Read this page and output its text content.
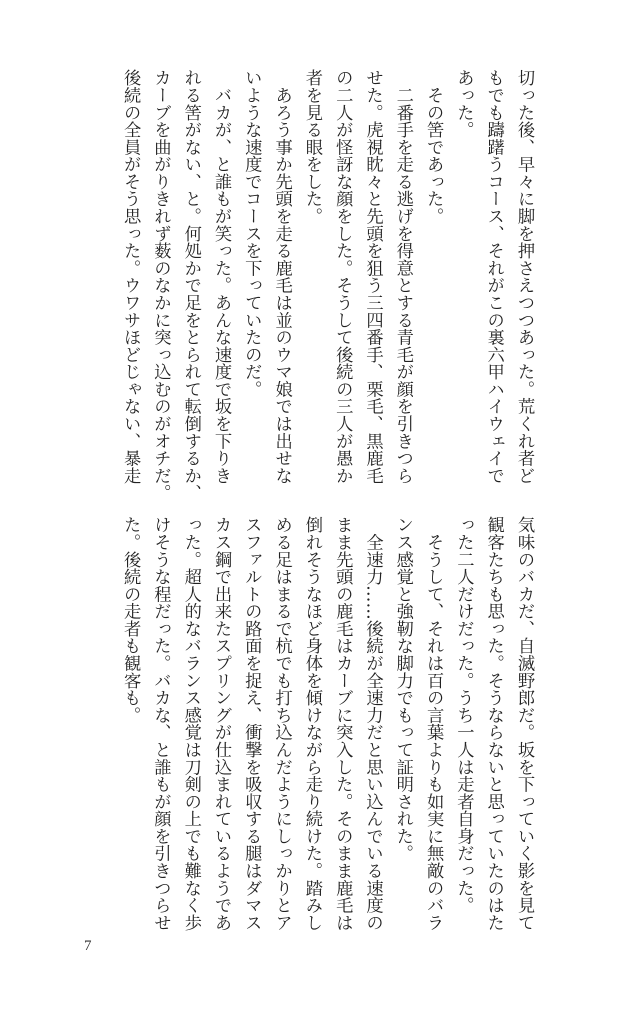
切った後、早々に脚を押さえつつあった。荒くれ者ど
もでも躊躇うコース、それがこの裏六甲ハイウェイで
あった。
　その筈であった。
　二番手を走る逃げを得意とする青毛が顔を引きつら
せた。虎視眈々と先頭を狙う三四番手、栗毛、黒鹿毛
の二人が怪訝な顔をした。そうして後続の三人が愚か
者を見る眼をした。
　あろう事か先頭を走る鹿毛は並のウマ娘では出せな
いような速度でコースを下っていたのだ。
　バカが、と誰もが笑った。あんな速度で坂を下りき
れる筈がない、と。何処かで足をとられて転倒するか、
カーブを曲がりきれず薮のなかに突っ込むのがオチだ。
後続の全員がそう思った。ウワサほどじゃない、暴走
気味のバカだ、自滅野郎だ。坂を下っていく影を見て
観客たちも思った。そうならないと思っていたのはた
った二人だけだった。うち一人は走者自身だった。
　そうして、それは百の言葉よりも如実に無敵のバラ
ンス感覚と強靭な脚力でもって証明された。
　全速力……後続が全速力だと思い込んでいる速度の
まま先頭の鹿毛はカーブに突入した。そのまま鹿毛は
倒れそうなほど身体を傾けながら走り続けた。踏みし
める足はまるで杭でも打ち込んだようにしっかりとア
スファルトの路面を捉え、衝撃を吸収する腿はダマス
カス鋼で出来たスプリングが仕込まれているようであ
った。超人的なバランス感覚は刀剣の上でも難なく歩
けそうな程だった。バカな、と誰もが顔を引きつらせ
た。後続の走者も観客も。
7
